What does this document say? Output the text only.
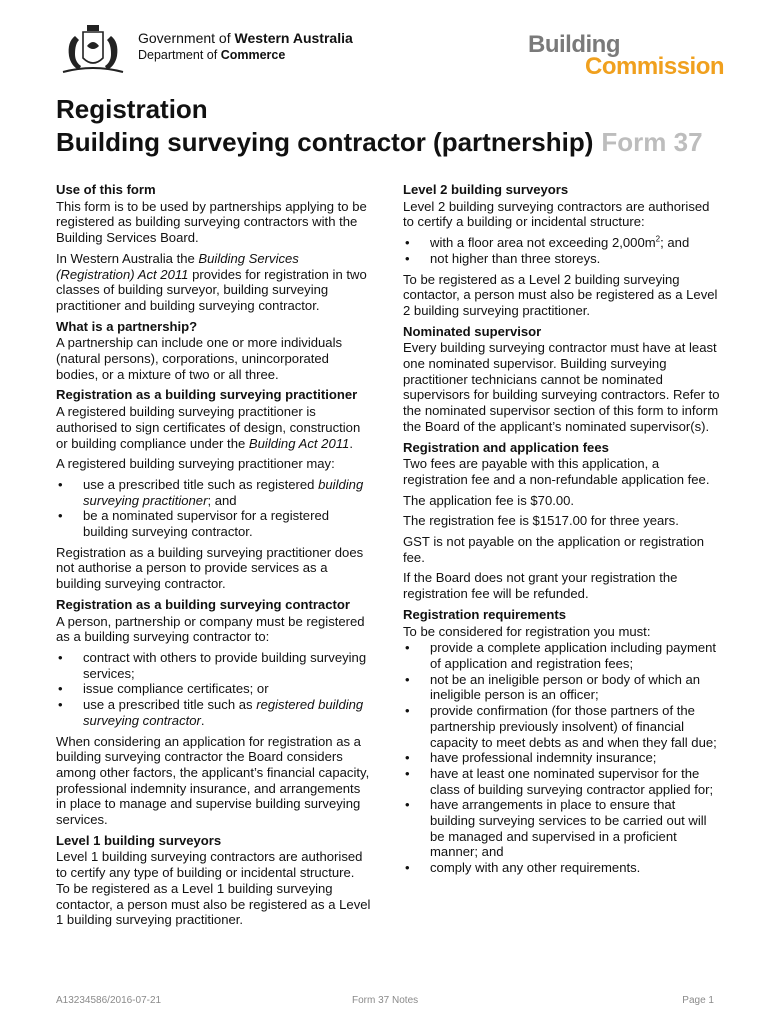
Government of Western Australia
Department of Commerce	Building
Commission
Registration
Building surveying contractor (partnership) Form 37
Use of this form

This form is to be used by partnerships applying to be registered as building surveying contractors with the Building Services Board.

In Western Australia the Building Services (Registration) Act 2011 provides for registration in two classes of building surveyor, building surveying practitioner and building surveying contractor.

What is a partnership?

A partnership can include one or more individuals (natural persons), corporations, unincorporated bodies, or a mixture of two or all three.

Registration as a building surveying practitioner

A registered building surveying practitioner is authorised to sign certificates of design, construction or building compliance under the Building Act 2011.

A registered building surveying practitioner may:

• use a prescribed title such as registered building surveying practitioner; and
• be a nominated supervisor for a registered building surveying contractor.

Registration as a building surveying practitioner does not authorise a person to provide services as a building surveying contractor.

Registration as a building surveying contractor

A person, partnership or company must be registered as a building surveying contractor to:

• contract with others to provide building surveying services;
• issue compliance certificates; or
• use a prescribed title such as registered building surveying contractor.

When considering an application for registration as a building surveying contractor the Board considers among other factors, the applicant’s financial capacity, professional indemnity insurance, and arrangements in place to manage and supervise building surveying services.

Level 1 building surveyors

Level 1 building surveying contractors are authorised to certify any type of building or incidental structure. To be registered as a Level 1 building surveying contactor, a person must also be registered as a Level 1 building surveying practitioner.

Level 2 building surveyors

Level 2 building surveying contractors are authorised to certify a building or incidental structure:

• with a floor area not exceeding $2,000m^2$; and
• not higher than three storeys.

To be registered as a Level 2 building surveying contactor, a person must also be registered as a Level 2 building surveying practitioner.

Nominated supervisor

Every building surveying contractor must have at least one nominated supervisor. Building surveying practitioner technicians cannot be nominated supervisors for building surveying contractors. Refer to the nominated supervisor section of this form to inform the Board of the applicant’s nominated supervisor(s).

Registration and application fees

Two fees are payable with this application, a registration fee and a non-refundable application fee.

The application fee is $70.00.

The registration fee is $1517.00 for three years.

GST is not payable on the application or registration fee.

If the Board does not grant your registration the registration fee will be refunded.

Registration requirements

To be considered for registration you must:

• provide a complete application including payment of application and registration fees;
• not be an ineligible person or body of which an ineligible person is an officer;
• provide confirmation (for those partners of the partnership previously insolvent) of financial capacity to meet debts as and when they fall due;
• have professional indemnity insurance;
• have at least one nominated supervisor for the class of building surveying contractor applied for;
• have arrangements in place to ensure that building surveying services to be carried out will be managed and supervised in a proficient manner; and
• comply with any other requirements.
A13234586/2016-07-21	Form 37 Notes	Page 1
